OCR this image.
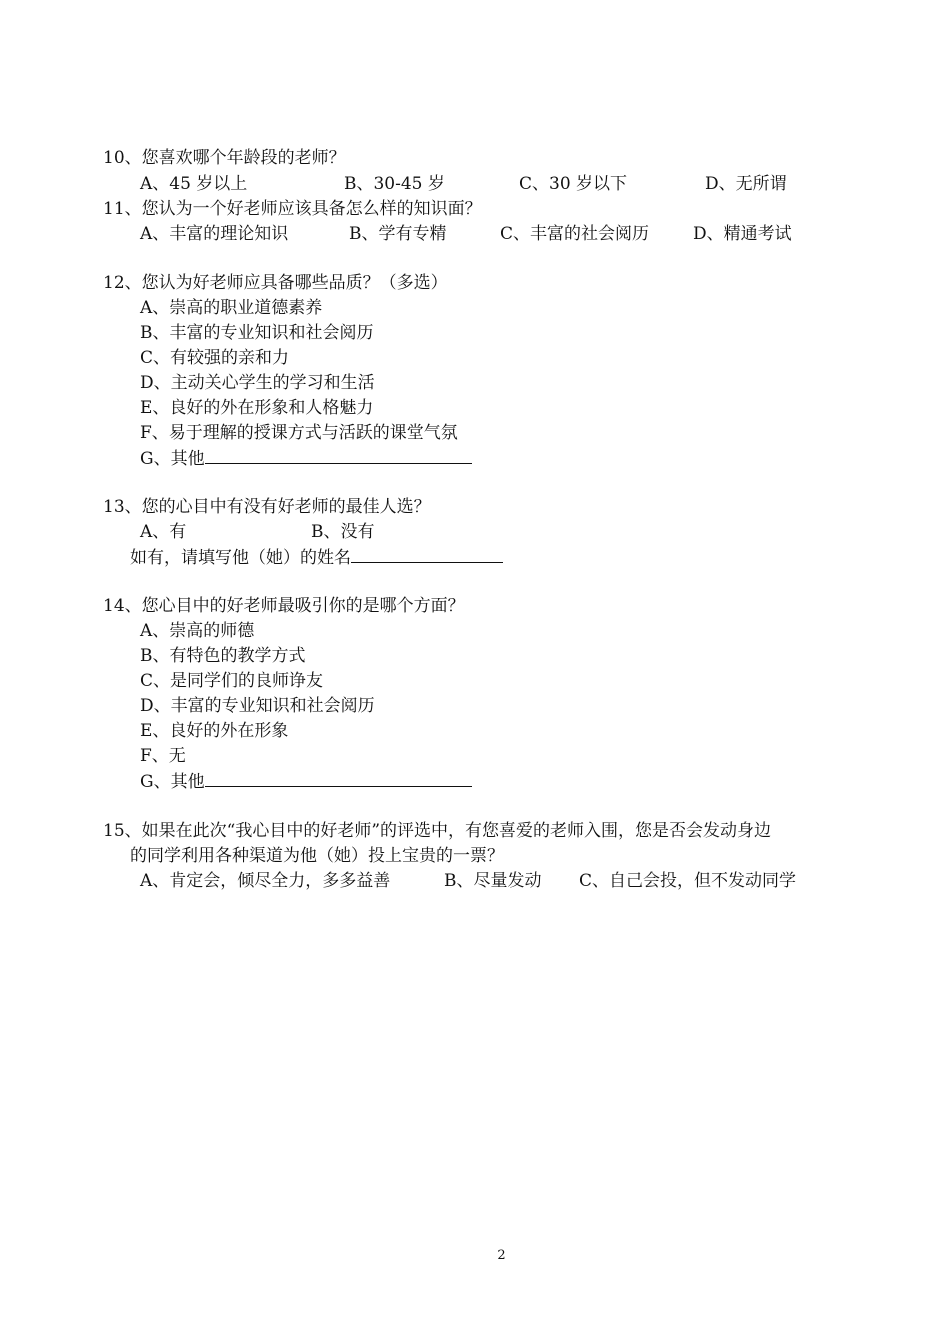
10、您喜欢哪个年龄段的老师？
A、45 岁以上	B、30-45 岁	C、30 岁以下	D、无所谓
11、您认为一个好老师应该具备怎么样的知识面？
A、丰富的理论知识	B、学有专精	C、丰富的社会阅历	D、精通考试
12、您认为好老师应具备哪些品质？（多选）
A、崇高的职业道德素养
B、丰富的专业知识和社会阅历
C、有较强的亲和力
D、主动关心学生的学习和生活
E、良好的外在形象和人格魅力
F、易于理解的授课方式与活跃的课堂气氛
G、其他
13、您的心目中有没有好老师的最佳人选？
A、有	B、没有
如有，请填写他（她）的姓名
14、您心目中的好老师最吸引你的是哪个方面？
A、崇高的师德
B、有特色的教学方式
C、是同学们的良师诤友
D、丰富的专业知识和社会阅历
E、良好的外在形象
F、无
G、其他
15、如果在此次“我心目中的好老师”的评选中，有您喜爱的老师入围，您是否会发动身边
的同学利用各种渠道为他（她）投上宝贵的一票？
A、肯定会，倾尽全力，多多益善	B、尽量发动 C、自己会投，但不发动同学
2
